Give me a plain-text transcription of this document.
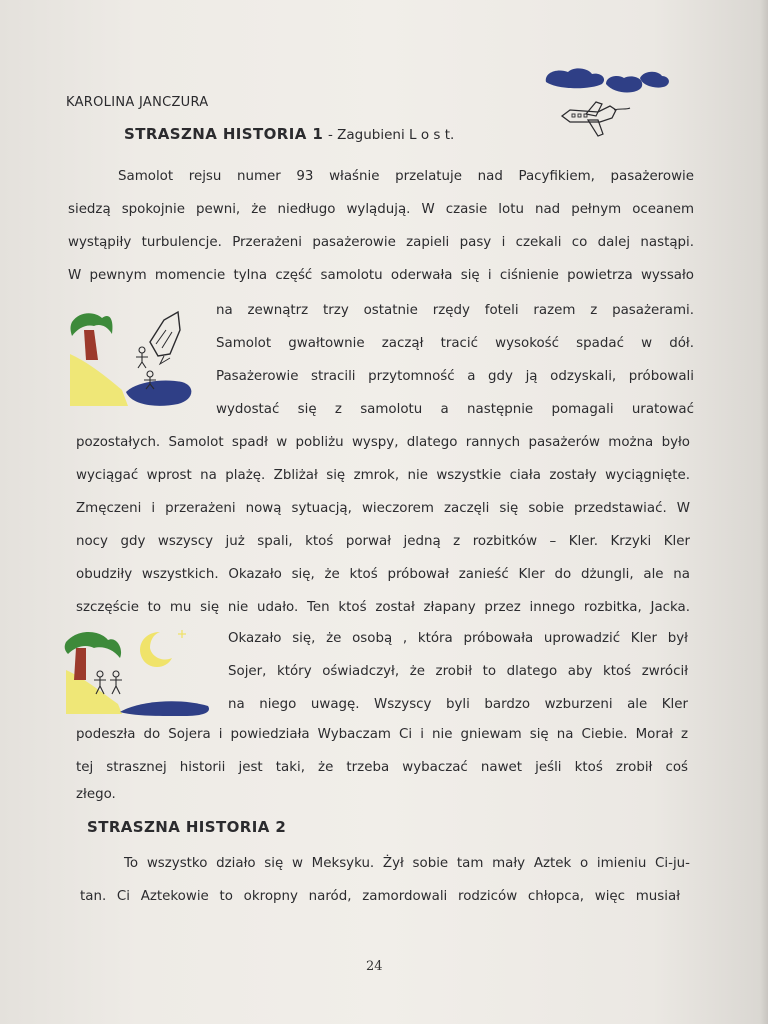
KAROLINA JANCZURA
STRASZNA HISTORIA 1 - Zagubieni L o s t.
Samolot rejsu numer 93 właśnie przelatuje nad Pacyfikiem, pasażerowie
siedzą spokojnie pewni, że niedługo wylądują. W czasie lotu nad pełnym oceanem
wystąpiły turbulencje. Przerażeni pasażerowie zapieli pasy i czekali co dalej nastąpi.
W pewnym momencie tylna część samolotu oderwała się i ciśnienie powietrza wyssało
na zewnątrz trzy ostatnie rzędy foteli razem z pasażerami.
Samolot gwałtownie zaczął tracić wysokość spadać w dół.
Pasażerowie stracili przytomność a gdy ją odzyskali, próbowali
wydostać się z samolotu a następnie pomagali uratować
pozostałych. Samolot spadł w pobliżu wyspy, dlatego rannych pasażerów można było
wyciągać wprost na plażę. Zbliżał się zmrok, nie wszystkie ciała zostały wyciągnięte.
Zmęczeni i przerażeni nową sytuacją, wieczorem zaczęli się sobie przedstawiać. W
nocy gdy wszyscy już spali, ktoś porwał jedną z rozbitków – Kler. Krzyki Kler
obudziły wszystkich. Okazało się, że ktoś próbował zanieść Kler do dżungli, ale na
szczęście to mu się nie udało. Ten ktoś został złapany przez innego rozbitka, Jacka.
Okazało się, że osobą , która próbowała uprowadzić Kler był
Sojer, który oświadczył, że zrobił to dlatego aby ktoś zwrócił
na niego uwagę. Wszyscy byli bardzo wzburzeni ale Kler
podeszła do Sojera i powiedziała Wybaczam Ci i nie gniewam się na Ciebie. Morał z
tej strasznej historii jest taki, że trzeba wybaczać nawet jeśli ktoś zrobił coś
złego.
STRASZNA HISTORIA 2
To wszystko działo się w Meksyku. Żył sobie tam mały Aztek o imieniu Ci-ju-
tan. Ci Aztekowie to okropny naród, zamordowali rodziców chłopca, więc musiał
24
